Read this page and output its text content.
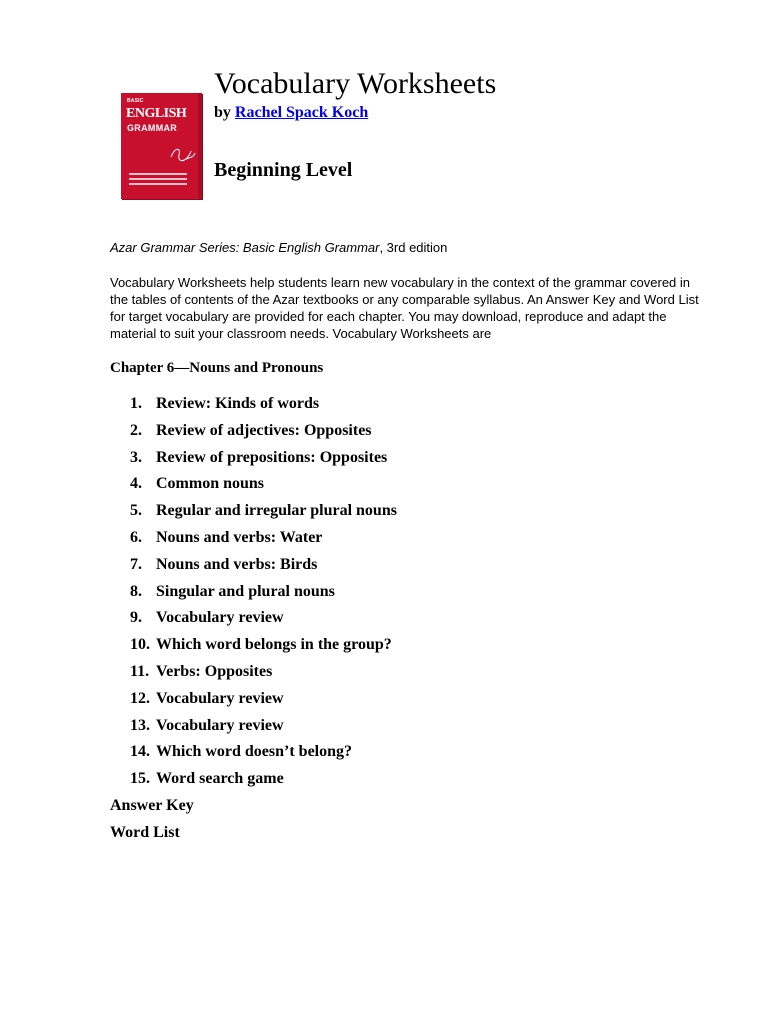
BASIC
ENGLISH
GRAMMAR
Vocabulary Worksheets
by Rachel Spack Koch
Beginning Level
Azar Grammar Series: Basic English Grammar, 3rd edition
Vocabulary Worksheets help students learn new vocabulary in the context of the grammar covered in the tables of contents of the Azar textbooks or any comparable syllabus. An Answer Key and Word List for target vocabulary are provided for each chapter. You may download, reproduce and adapt the material to suit your classroom needs. Vocabulary Worksheets are
Chapter 6—Nouns and Pronouns
1. Review: Kinds of words
2. Review of adjectives: Opposites
3. Review of prepositions: Opposites
4. Common nouns
5. Regular and irregular plural nouns
6. Nouns and verbs: Water
7. Nouns and verbs: Birds
8. Singular and plural nouns
9. Vocabulary review
10. Which word belongs in the group?
11. Verbs: Opposites
12. Vocabulary review
13. Vocabulary review
14. Which word doesn’t belong?
15. Word search game
Answer Key
Word List
